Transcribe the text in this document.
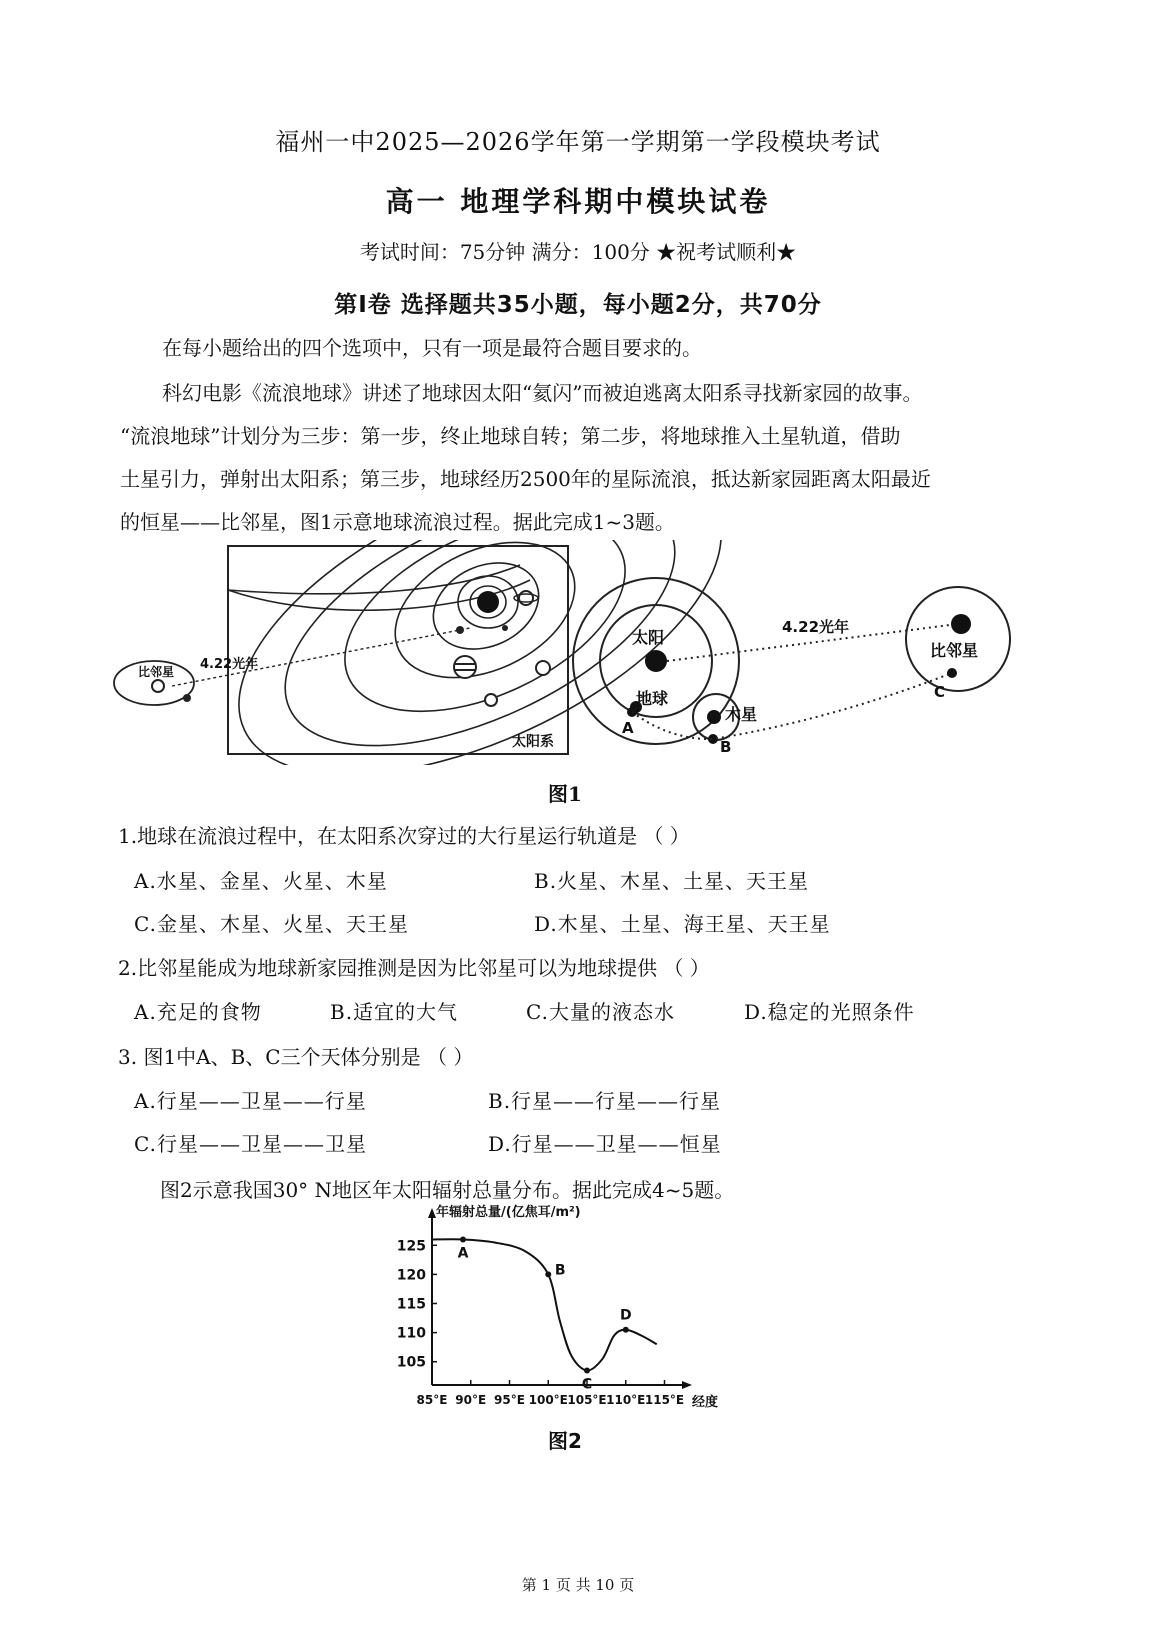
福州一中2025—2026学年第一学期第一学段模块考试
高一 地理学科期中模块试卷
考试时间：75分钟 满分：100分 ★祝考试顺利★
第Ⅰ卷 选择题共35小题，每小题2分，共70分
在每小题给出的四个选项中，只有一项是最符合题目要求的。
科幻电影《流浪地球》讲述了地球因太阳“氦闪”而被迫逃离太阳系寻找新家园的故事。
“流浪地球”计划分为三步：第一步，终止地球自转；第二步，将地球推入土星轨道，借助
土星引力，弹射出太阳系；第三步，地球经历2500年的星际流浪，抵达新家园距离太阳最近
的恒星——比邻星，图1示意地球流浪过程。据此完成1~3题。
太阳系
比邻星 4.22光年
太阳
地球
A
木星
B
比邻星
C
4.22光年
图1
1.地球在流浪过程中，在太阳系次穿过的大行星运行轨道是 （ ）
A.水星、金星、火星、木星	B.火星、木星、土星、天王星
C.金星、木星、火星、天王星	D.木星、土星、海王星、天王星
2.比邻星能成为地球新家园推测是因为比邻星可以为地球提供 （ ）
A.充足的食物	B.适宜的大气	C.大量的液态水	D.稳定的光照条件
3. 图1中A、B、C三个天体分别是 （ ）
A.行星——卫星——行星	B.行星——行星——行星
C.行星——卫星——卫星	D.行星——卫星——恒星
图2示意我国30° N地区年太阳辐射总量分布。据此完成4~5题。
105
110
115
120
125
85°E 90°E 95°E 100°E 105°E 110°E 115°E
A
B
C
D
年辐射总量/(亿焦耳/m²)
经度
图2
第 1 页 共 10 页
